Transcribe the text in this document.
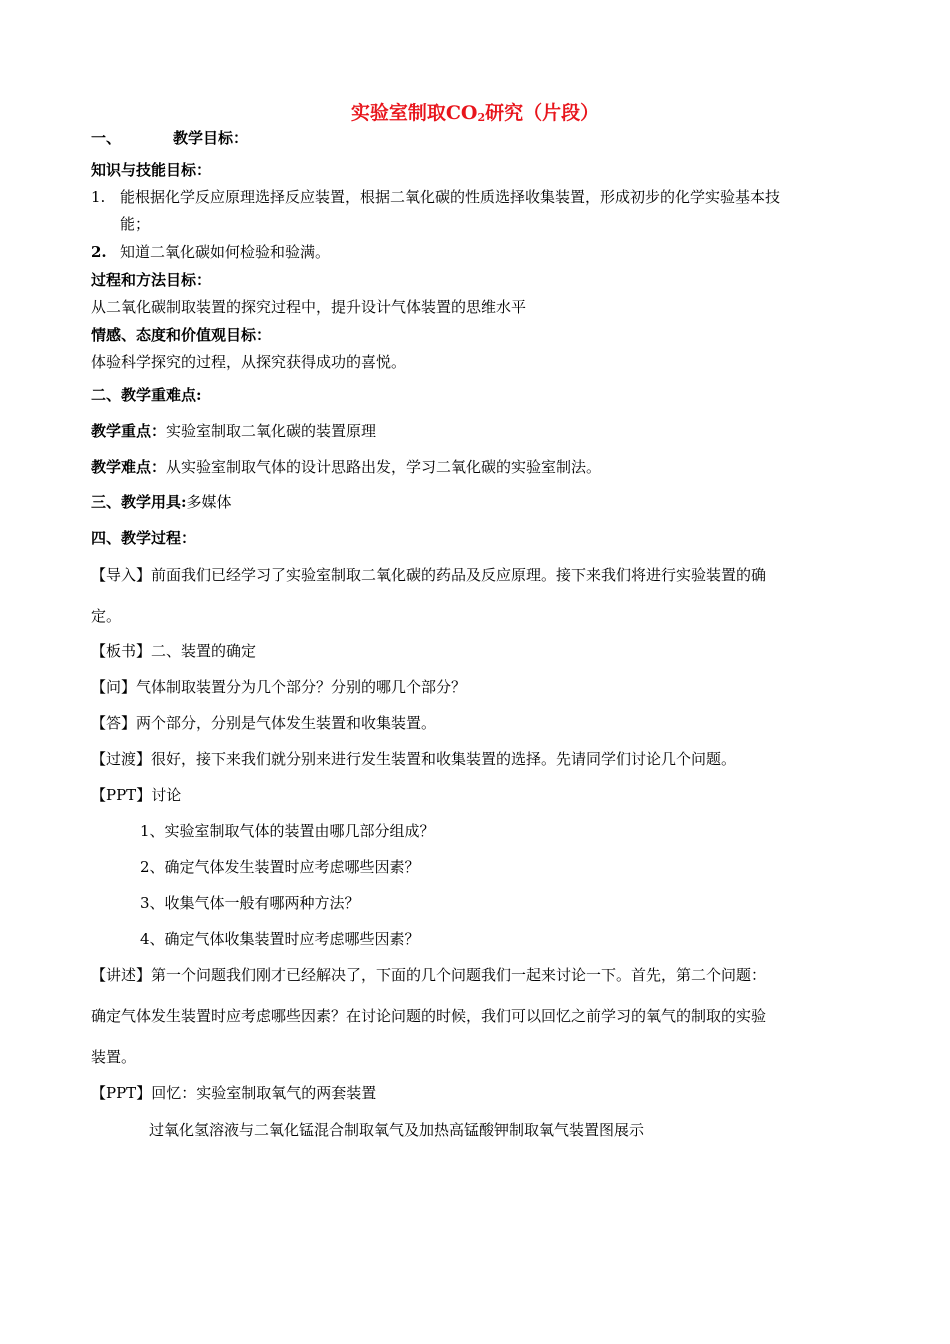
实验室制取$CO_2$研究（片段）
一、	教学目标：
知识与技能目标：
1. 能根据化学反应原理选择反应装置，根据二氧化碳的性质选择收集装置，形成初步的化学实验基本技
能；
2. 知道二氧化碳如何检验和验满。
过程和方法目标：
从二氧化碳制取装置的探究过程中，提升设计气体装置的思维水平
情感、态度和价值观目标：
体验科学探究的过程，从探究获得成功的喜悦。
二、教学重难点:
教学重点：实验室制取二氧化碳的装置原理
教学难点：从实验室制取气体的设计思路出发，学习二氧化碳的实验室制法。
三、教学用具:多媒体
四、教学过程：
【导入】前面我们已经学习了实验室制取二氧化碳的药品及反应原理。接下来我们将进行实验装置的确
定。
【板书】二、装置的确定
【问】气体制取装置分为几个部分？分别的哪几个部分？
【答】两个部分，分别是气体发生装置和收集装置。
【过渡】很好，接下来我们就分别来进行发生装置和收集装置的选择。先请同学们讨论几个问题。
【PPT】讨论
1、实验室制取气体的装置由哪几部分组成？
2、确定气体发生装置时应考虑哪些因素？
3、收集气体一般有哪两种方法？
4、确定气体收集装置时应考虑哪些因素？
【讲述】第一个问题我们刚才已经解决了，下面的几个问题我们一起来讨论一下。首先，第二个问题：
确定气体发生装置时应考虑哪些因素？在讨论问题的时候，我们可以回忆之前学习的氧气的制取的实验
装置。
【PPT】回忆：实验室制取氧气的两套装置
过氧化氢溶液与二氧化锰混合制取氧气及加热高锰酸钾制取氧气装置图展示
